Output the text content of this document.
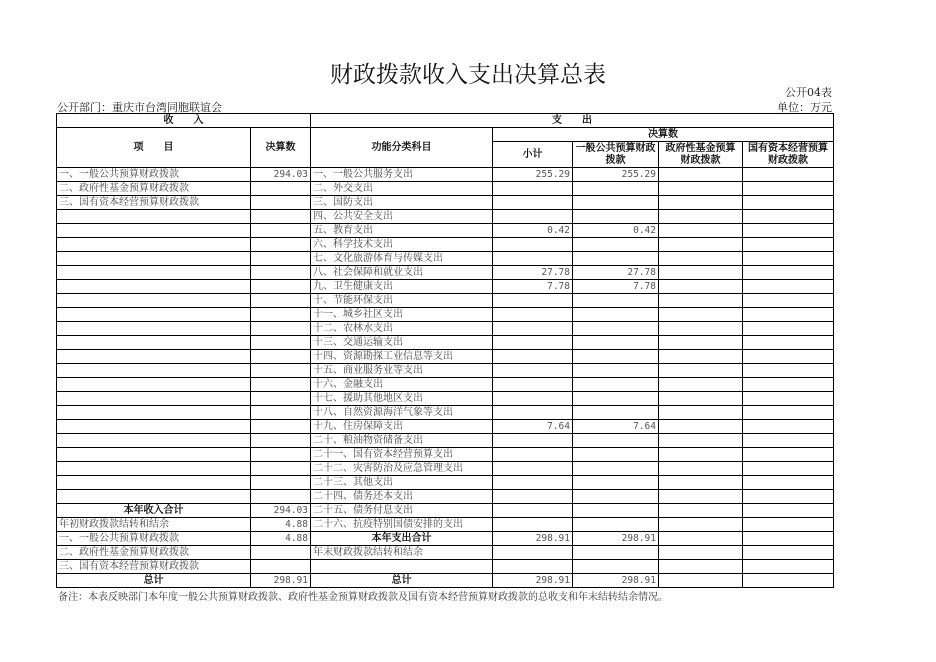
财政拨款收入支出决算总表
公开04表
公开部门：重庆市台湾同胞联谊会	单位：万元
收　　入		支　　出				
项　　目	决算数	功能分类科目	决算数			
			小计	一般公共预算财政拨款	政府性基金预算财政拨款	国有资本经营预算财政拨款
一、一般公共预算财政拨款	294.03	一、一般公共服务支出	255.29	255.29		
二、政府性基金预算财政拨款		二、外交支出				
三、国有资本经营预算财政拨款		三、国防支出				
		四、公共安全支出				
		五、教育支出	0.42	0.42		
		六、科学技术支出				
		七、文化旅游体育与传媒支出				
		八、社会保障和就业支出	27.78	27.78		
		九、卫生健康支出	7.78	7.78		
		十、节能环保支出				
		十一、城乡社区支出				
		十二、农林水支出				
		十三、交通运输支出				
		十四、资源勘探工业信息等支出				
		十五、商业服务业等支出				
		十六、金融支出				
		十七、援助其他地区支出				
		十八、自然资源海洋气象等支出				
		十九、住房保障支出	7.64	7.64		
		二十、粮油物资储备支出				
		二十一、国有资本经营预算支出				
		二十二、灾害防治及应急管理支出				
		二十三、其他支出				
		二十四、债务还本支出				
本年收入合计	294.03	二十五、债务付息支出				
年初财政拨款结转和结余	4.88	二十六、抗疫特别国债安排的支出				
一、一般公共预算财政拨款	4.88	本年支出合计	298.91	298.91		
二、政府性基金预算财政拨款		年末财政拨款结转和结余				
三、国有资本经营预算财政拨款						
总计	298.91	总计	298.91	298.91		
备注：本表反映部门本年度一般公共预算财政拨款、政府性基金预算财政拨款及国有资本经营预算财政拨款的总收支和年末结转结余情况。
